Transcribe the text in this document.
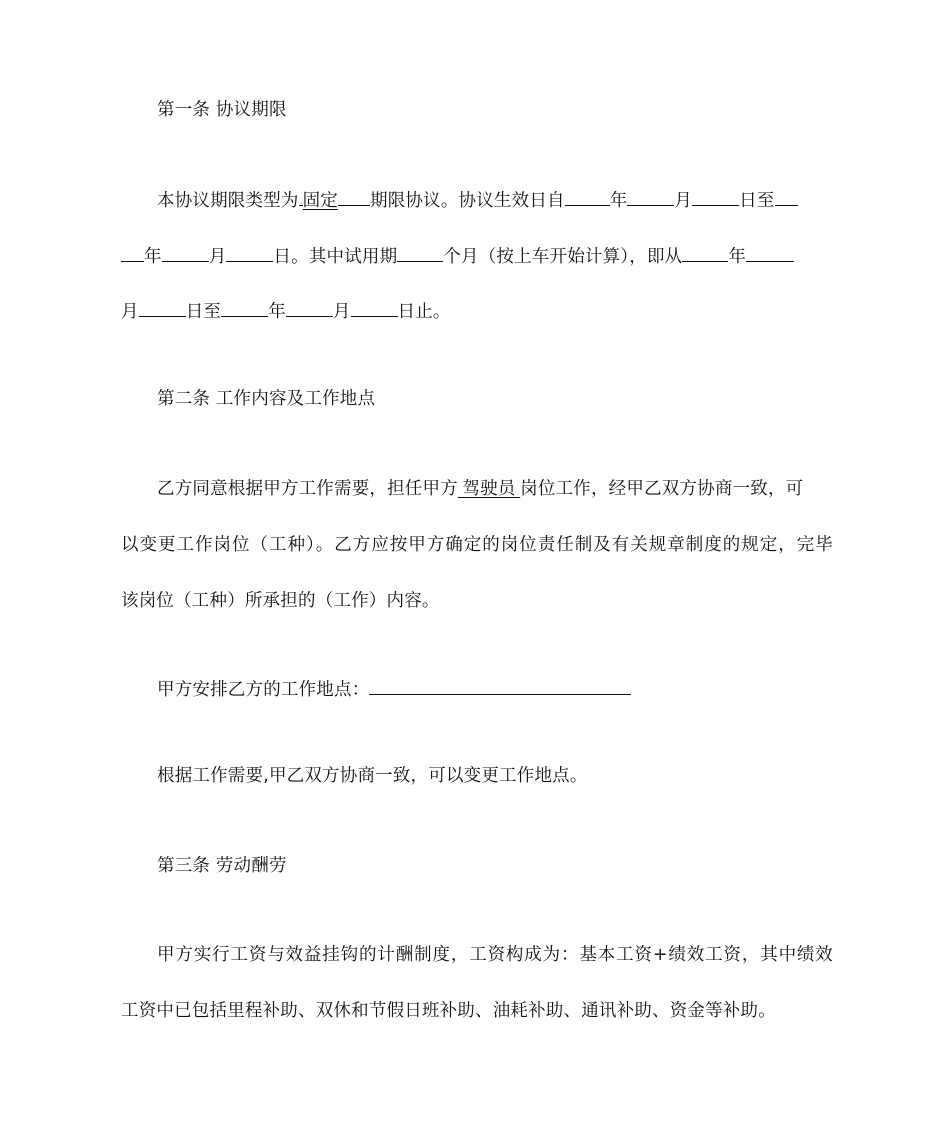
第一条 协议期限
本协议期限类型为 固定 期限协议。协议生效日自	年	月	日至
年	月	日。其中试用期	个月（按上车开始计算），即从	年
月	日至	年	月	日止。
第二条 工作内容及工作地点
乙方同意根据甲方工作需要，担任甲方  驾驶员  岗位工作，经甲乙双方协商一致，可
以变更工作岗位（工种）。乙方应按甲方确定的岗位责任制及有关规章制度的规定，完毕
该岗位（工种）所承担的（工作）内容。
甲方安排乙方的工作地点：
根据工作需要,甲乙双方协商一致，可以变更工作地点。
第三条 劳动酬劳
甲方实行工资与效益挂钩的计酬制度，工资构成为：基本工资+绩效工资，其中绩效
工资中已包括里程补助、双休和节假日班补助、油耗补助、通讯补助、资金等补助。
